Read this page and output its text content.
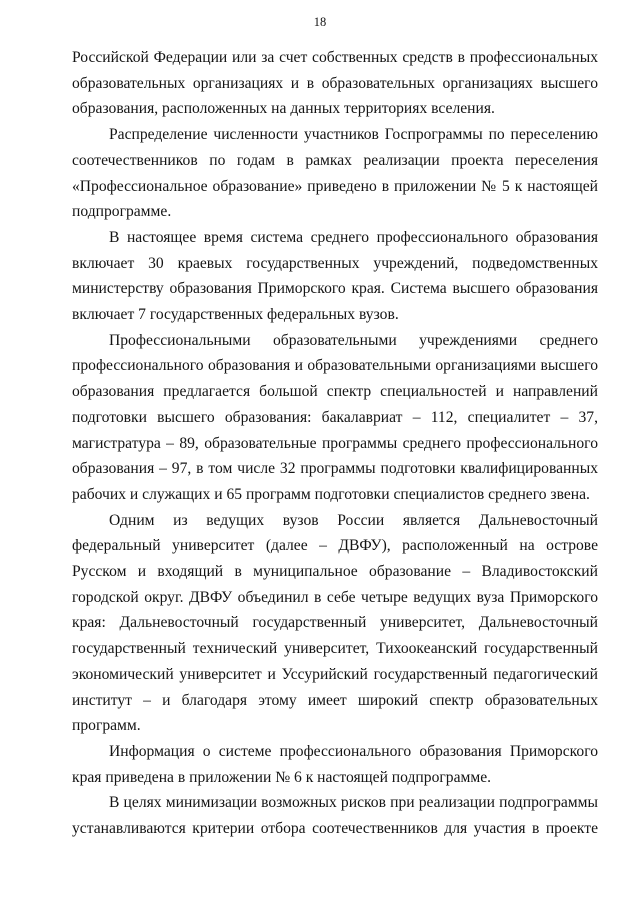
18

Российской Федерации или за счет собственных средств в профессиональных образовательных организациях и в образовательных организациях высшего образования, расположенных на данных территориях вселения.

Распределение численности участников Госпрограммы по переселению соотечественников по годам в рамках реализации проекта переселения «Профессиональное образование» приведено в приложении № 5 к настоящей подпрограмме.

В настоящее время система среднего профессионального образования включает 30 краевых государственных учреждений, подведомственных министерству образования Приморского края. Система высшего образования включает 7 государственных федеральных вузов.

Профессиональными образовательными учреждениями среднего профессионального образования и образовательными организациями высшего образования предлагается большой спектр специальностей и направлений подготовки высшего образования: бакалавриат – 112, специалитет – 37, магистратура – 89, образовательные программы среднего профессионального образования – 97, в том числе 32 программы подготовки квалифицированных рабочих и служащих и 65 программ подготовки специалистов среднего звена.

Одним из ведущих вузов России является Дальневосточный федеральный университет (далее – ДВФУ), расположенный на острове Русском и входящий в муниципальное образование – Владивостокский городской округ. ДВФУ объединил в себе четыре ведущих вуза Приморского края: Дальневосточный государственный университет, Дальневосточный государственный технический университет, Тихоокеанский государственный экономический университет и Уссурийский государственный педагогический институт – и благодаря этому имеет широкий спектр образовательных программ.

Информация о системе профессионального образования Приморского края приведена в приложении № 6 к настоящей подпрограмме.

В целях минимизации возможных рисков при реализации подпрограммы устанавливаются критерии отбора соотечественников для участия в проекте
